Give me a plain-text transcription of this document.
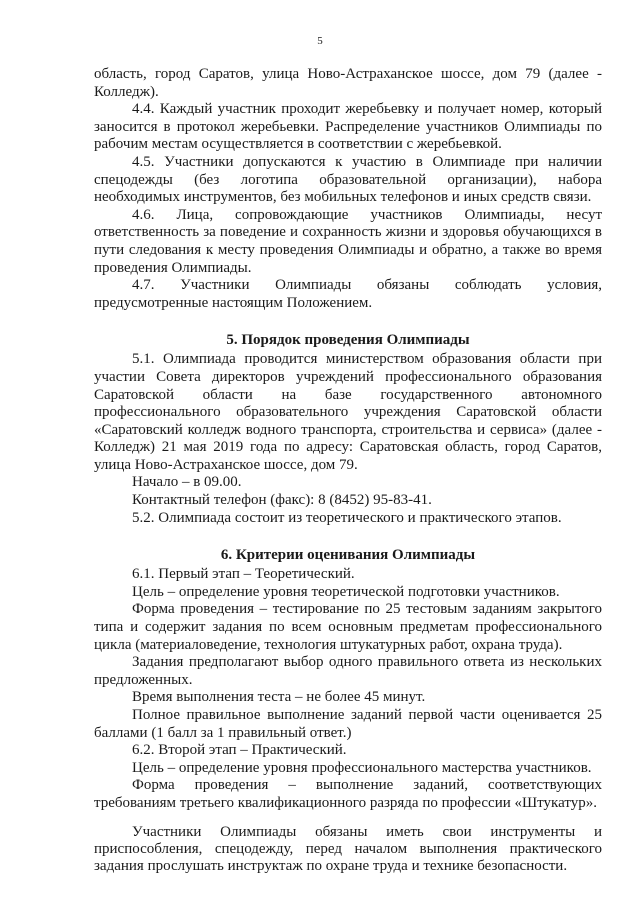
5

область, город Саратов, улица Ново-Астраханское шоссе, дом 79 (далее - Колледж).

4.4. Каждый участник проходит жеребьевку и получает номер, который заносится в протокол жеребьевки. Распределение участников Олимпиады по рабочим местам осуществляется в соответствии с жеребьевкой.

4.5. Участники допускаются к участию в Олимпиаде при наличии спецодежды (без логотипа образовательной организации), набора необходимых инструментов, без мобильных телефонов и иных средств связи.

4.6. Лица, сопровождающие участников Олимпиады, несут ответственность за поведение и сохранность жизни и здоровья обучающихся в пути следования к месту проведения Олимпиады и обратно, а также во время проведения Олимпиады.

4.7. Участники Олимпиады обязаны соблюдать условия, предусмотренные настоящим Положением.

5. Порядок проведения Олимпиады

5.1. Олимпиада проводится министерством образования области при участии Совета директоров учреждений профессионального образования Саратовской области на базе государственного автономного профессионального образовательного учреждения Саратовской области «Саратовский колледж водного транспорта, строительства и сервиса» (далее - Колледж) 21 мая 2019 года по адресу: Саратовская область, город Саратов, улица Ново-Астраханское шоссе, дом 79.

Начало – в 09.00.

Контактный телефон (факс): 8 (8452) 95-83-41.

5.2. Олимпиада состоит из теоретического и практического этапов.

6. Критерии оценивания Олимпиады

6.1. Первый этап – Теоретический.

Цель – определение уровня теоретической подготовки участников.

Форма проведения – тестирование по 25 тестовым заданиям закрытого типа и содержит задания по всем основным предметам профессионального цикла (материаловедение, технология штукатурных работ, охрана труда).

Задания предполагают выбор одного правильного ответа из нескольких предложенных.

Время выполнения теста – не более 45 минут.

Полное правильное выполнение заданий первой части оценивается 25 баллами (1 балл за 1 правильный ответ.)

6.2. Второй этап – Практический.

Цель – определение уровня профессионального мастерства участников.

Форма проведения – выполнение заданий, соответствующих требованиям третьего квалификационного разряда по профессии «Штукатур».

Участники Олимпиады обязаны иметь свои инструменты и приспособления, спецодежду, перед началом выполнения практического задания прослушать инструктаж по охране труда и технике безопасности.
